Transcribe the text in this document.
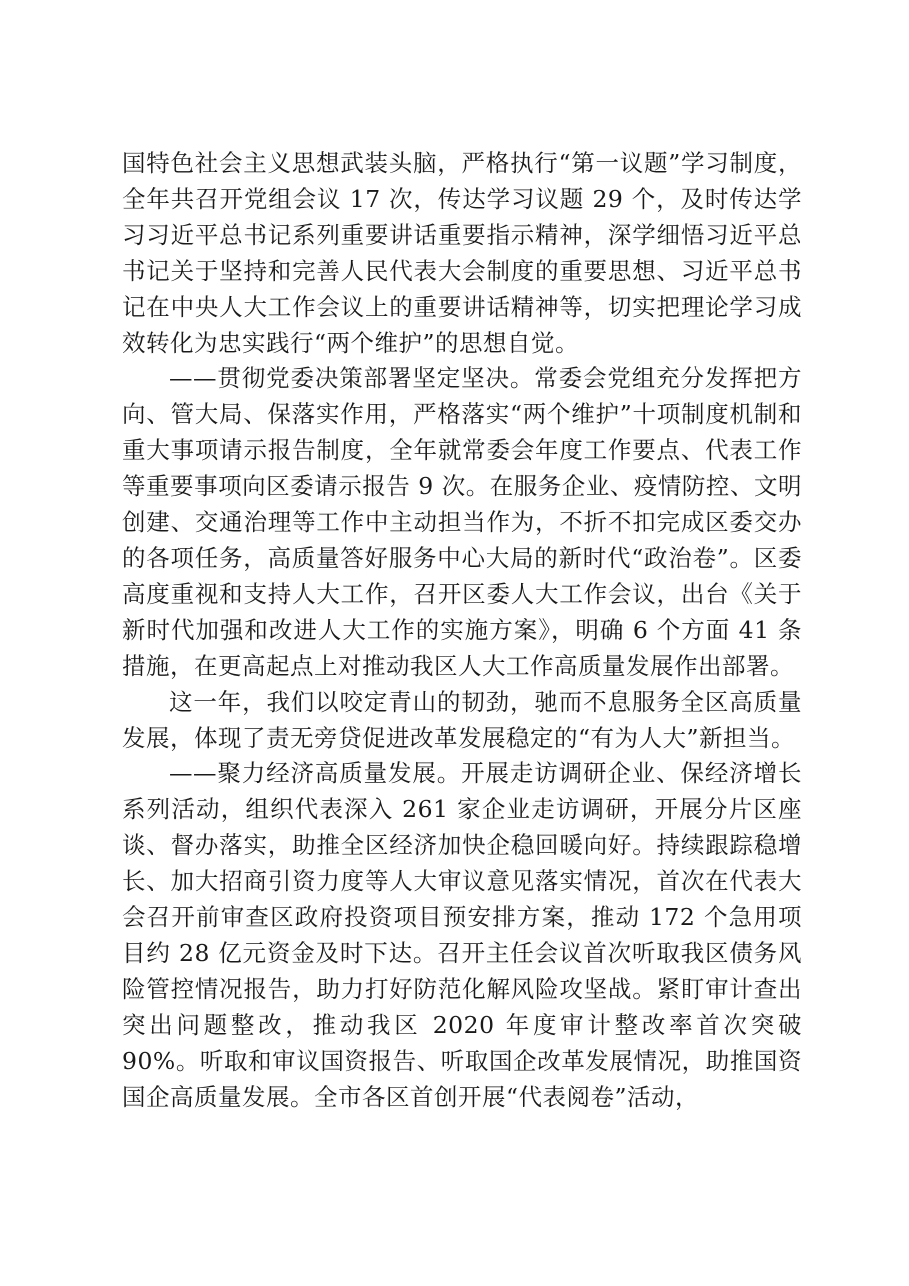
国特色社会主义思想武装头脑，严格执行“第一议题”学习制度，全年共召开党组会议 17 次，传达学习议题 29 个，及时传达学习习近平总书记系列重要讲话重要指示精神，深学细悟习近平总书记关于坚持和完善人民代表大会制度的重要思想、习近平总书记在中央人大工作会议上的重要讲话精神等，切实把理论学习成效转化为忠实践行“两个维护”的思想自觉。

——贯彻党委决策部署坚定坚决。常委会党组充分发挥把方向、管大局、保落实作用，严格落实“两个维护”十项制度机制和重大事项请示报告制度，全年就常委会年度工作要点、代表工作等重要事项向区委请示报告 9 次。在服务企业、疫情防控、文明创建、交通治理等工作中主动担当作为，不折不扣完成区委交办的各项任务，高质量答好服务中心大局的新时代“政治卷”。区委高度重视和支持人大工作，召开区委人大工作会议，出台《关于新时代加强和改进人大工作的实施方案》，明确 6 个方面 41 条措施，在更高起点上对推动我区人大工作高质量发展作出部署。

这一年，我们以咬定青山的韧劲，驰而不息服务全区高质量发展，体现了责无旁贷促进改革发展稳定的“有为人大”新担当。

——聚力经济高质量发展。开展走访调研企业、保经济增长系列活动，组织代表深入 261 家企业走访调研，开展分片区座谈、督办落实，助推全区经济加快企稳回暖向好。持续跟踪稳增长、加大招商引资力度等人大审议意见落实情况，首次在代表大会召开前审查区政府投资项目预安排方案，推动 172 个急用项目约 28 亿元资金及时下达。召开主任会议首次听取我区债务风险管控情况报告，助力打好防范化解风险攻坚战。紧盯审计查出突出问题整改，推动我区 2020 年度审计整改率首次突破 90%。听取和审议国资报告、听取国企改革发展情况，助推国资国企高质量发展。全市各区首创开展“代表阅卷”活动，
